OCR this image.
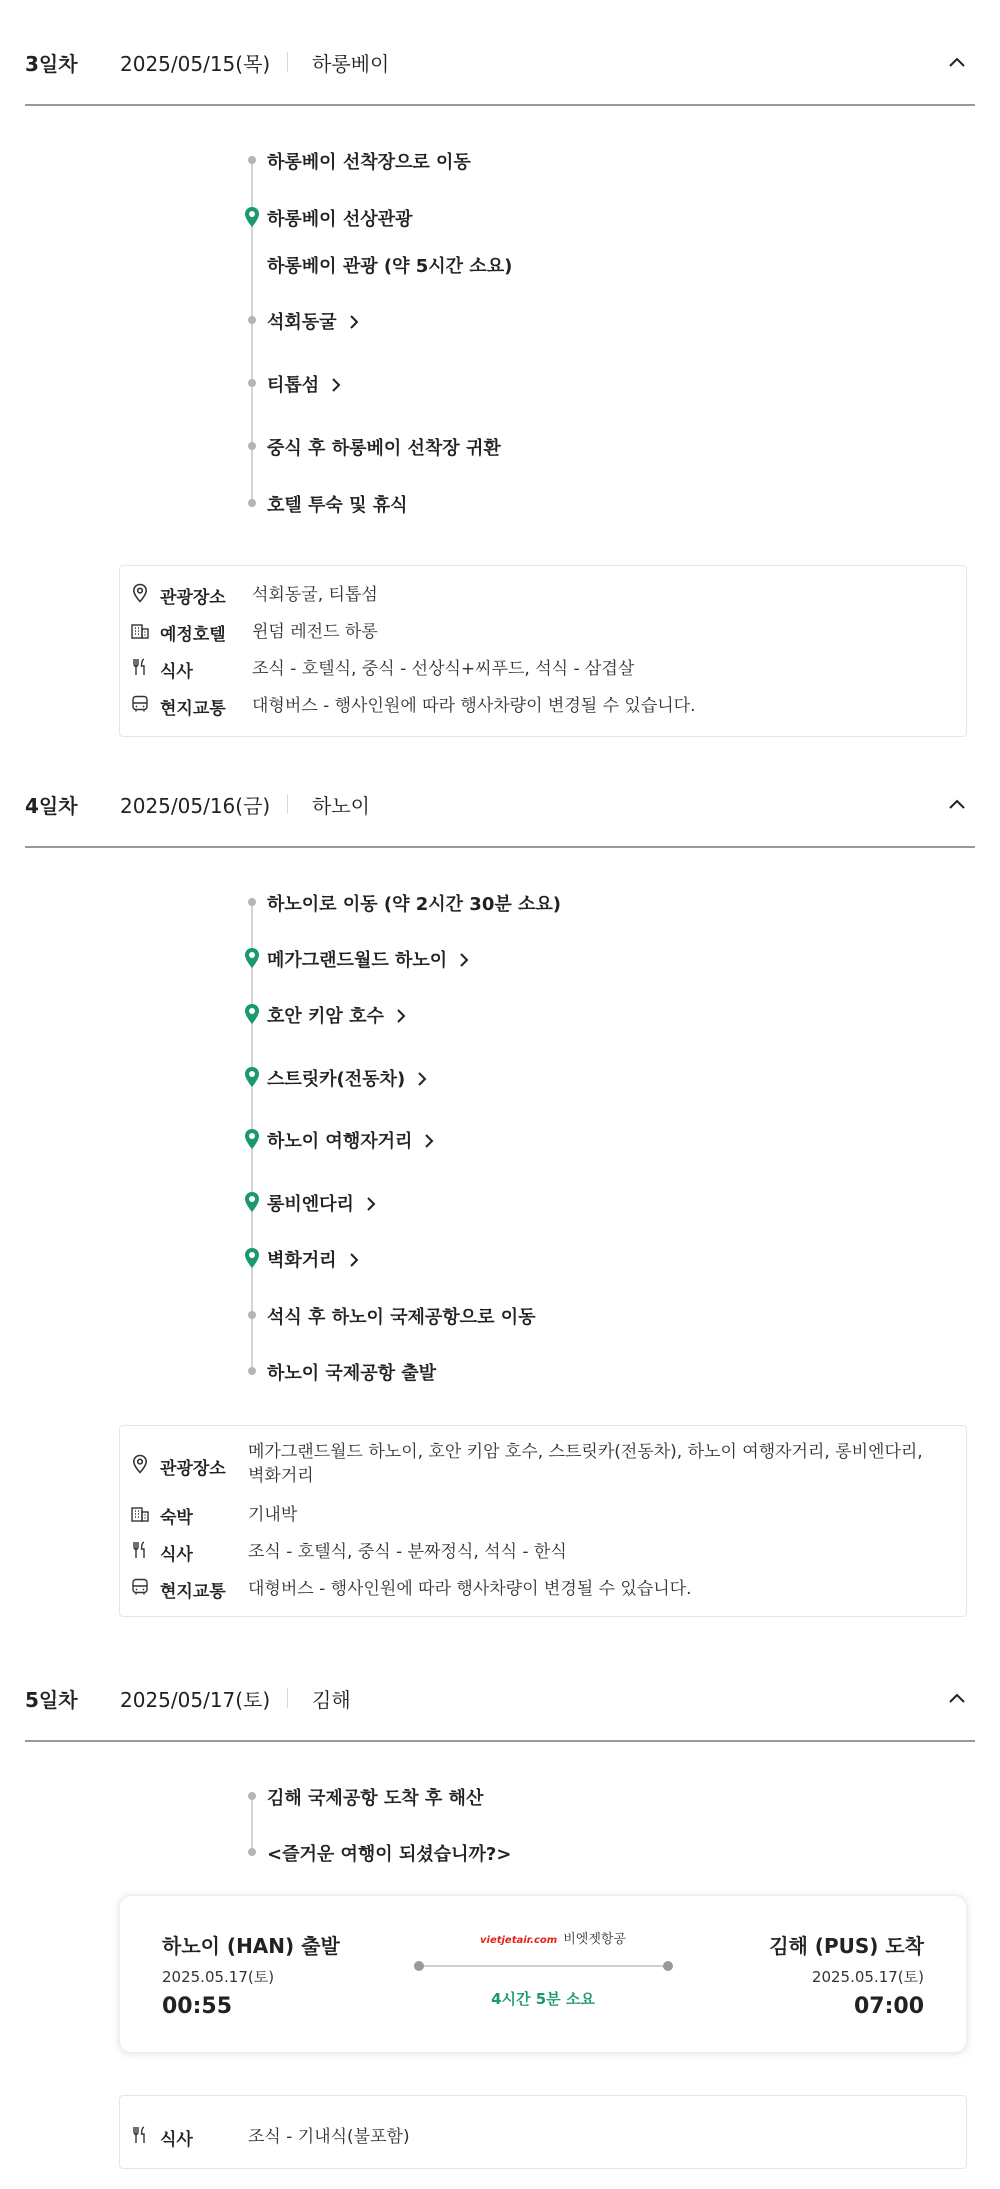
3일차 2025/05/15(목) 하롱베이
하롱베이 선착장으로 이동
하롱베이 선상관광
하롱베이 관광 (약 5시간 소요)
석회동굴
티톱섬
중식 후 하롱베이 선착장 귀환
호텔 투숙 및 휴식
관광장소 석회동굴, 티톱섬
예정호텔 윈덤 레전드 하롱
식사	조식 - 호텔식, 중식 - 선상식+씨푸드, 석식 - 삼겹살
현지교통 대형버스 - 행사인원에 따라 행사차량이 변경될 수 있습니다.
4일차 2025/05/16(금) 하노이
하노이로 이동 (약 2시간 30분 소요)
메가그랜드월드 하노이
호안 키암 호수
스트릿카(전동차)
하노이 여행자거리
롱비엔다리
벽화거리
석식 후 하노이 국제공항으로 이동
하노이 국제공항 출발
관광장소
메가그랜드월드 하노이, 호안 키암 호수, 스트릿카(전동차), 하노이 여행자거리, 롱비엔다리, 벽화거리
숙박	기내박
식사	조식 - 호텔식, 중식 - 분짜정식, 석식 - 한식
현지교통 대형버스 - 행사인원에 따라 행사차량이 변경될 수 있습니다.
5일차 2025/05/17(토) 김해
김해 국제공항 도착 후 해산
<즐거운 여행이 되셨습니까?>
하노이 (HAN) 출발
2025.05.17(토)
00:55
vietjetair.com 비엣젯항공
4시간 5분 소요
김해 (PUS) 도착
2025.05.17(토)
07:00
식사	조식 - 기내식(불포함)
